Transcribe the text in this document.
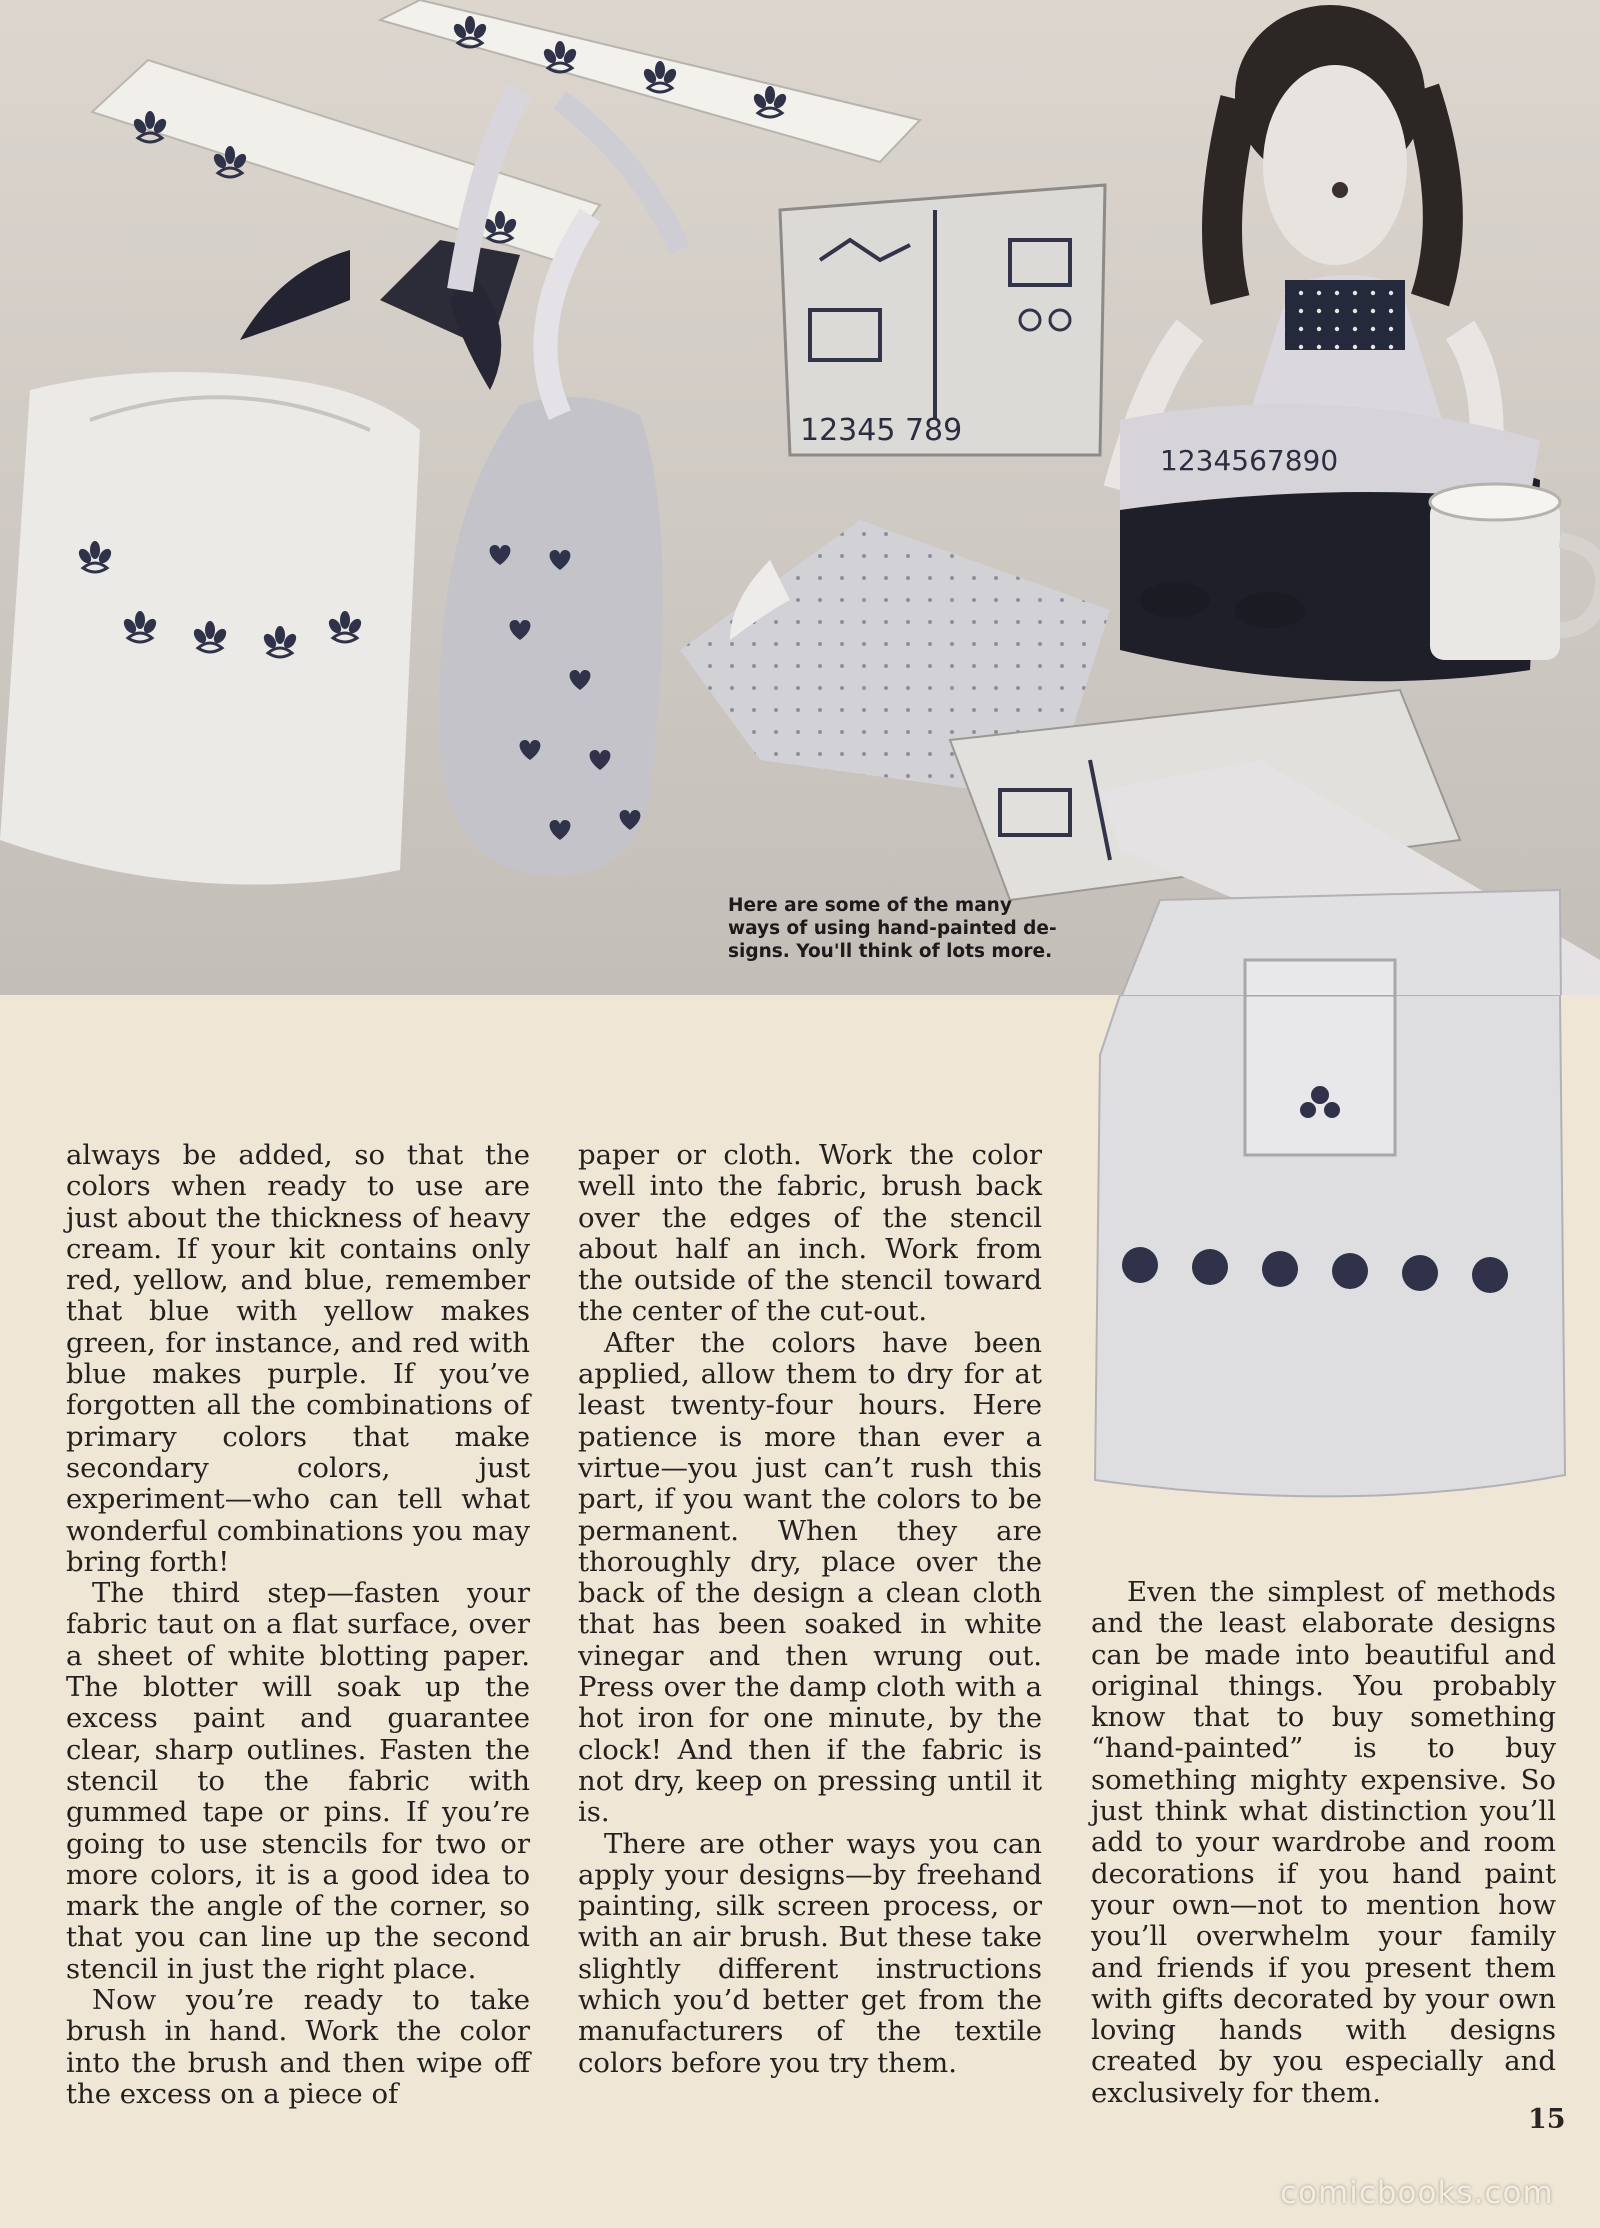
12345 789
1234567890
Here are some of the many
ways of using hand-painted de-
signs. You'll think of lots more.

always be added, so that the colors when ready to use are just about the thickness of heavy cream. If your kit contains only red, yellow, and blue, remember that blue with yellow makes green, for instance, and red with blue makes purple. If you’ve forgotten all the combinations of primary colors that make secondary colors, just experiment—who can tell what wonderful combinations you may bring forth!

The third step—fasten your fabric taut on a flat surface, over a sheet of white blotting paper. The blotter will soak up the excess paint and guarantee clear, sharp outlines. Fasten the stencil to the fabric with gummed tape or pins. If you’re going to use stencils for two or more colors, it is a good idea to mark the angle of the corner, so that you can line up the second stencil in just the right place.

Now you’re ready to take brush in hand. Work the color into the brush and then wipe off the excess on a piece of

paper or cloth. Work the color well into the fabric, brush back over the edges of the stencil about half an inch. Work from the outside of the stencil toward the center of the cut-out.

After the colors have been applied, allow them to dry for at least twenty-four hours. Here patience is more than ever a virtue—you just can’t rush this part, if you want the colors to be permanent. When they are thoroughly dry, place over the back of the design a clean cloth that has been soaked in white vinegar and then wrung out. Press over the damp cloth with a hot iron for one minute, by the clock! And then if the fabric is not dry, keep on pressing until it is.

There are other ways you can apply your designs—by freehand painting, silk screen process, or with an air brush. But these take slightly different instructions which you’d better get from the manufacturers of the textile colors before you try them.

Even the simplest of methods and the least elaborate designs can be made into beautiful and original things. You probably know that to buy something “hand-painted” is to buy something mighty expensive. So just think what distinction you’ll add to your wardrobe and room decorations if you hand paint your own—not to mention how you’ll overwhelm your family and friends if you present them with gifts decorated by your own loving hands with designs created by you especially and exclusively for them.

15
comicbooks.com
